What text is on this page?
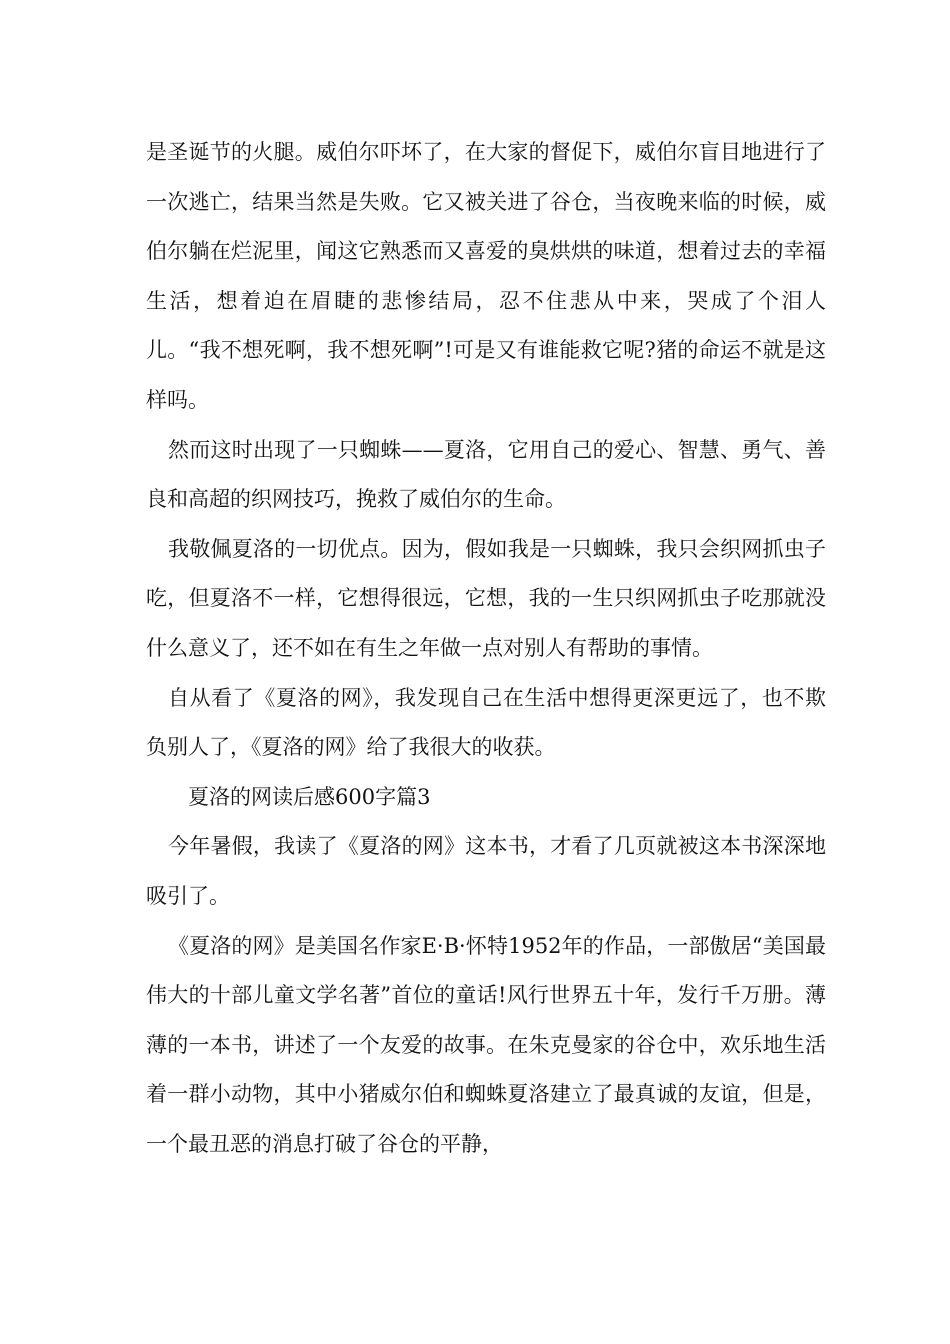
是圣诞节的火腿。威伯尔吓坏了，在大家的督促下，威伯尔盲目地进行了一次逃亡，结果当然是失败。它又被关进了谷仓，当夜晚来临的时候，威伯尔躺在烂泥里，闻这它熟悉而又喜爱的臭烘烘的味道，想着过去的幸福生活，想着迫在眉睫的悲惨结局，忍不住悲从中来，哭成了个泪人儿。“我不想死啊，我不想死啊”!可是又有谁能救它呢?猪的命运不就是这样吗。

然而这时出现了一只蜘蛛——夏洛，它用自己的爱心、智慧、勇气、善良和高超的织网技巧，挽救了威伯尔的生命。

我敬佩夏洛的一切优点。因为，假如我是一只蜘蛛，我只会织网抓虫子吃，但夏洛不一样，它想得很远，它想，我的一生只织网抓虫子吃那就没什么意义了，还不如在有生之年做一点对别人有帮助的事情。

自从看了《夏洛的网》，我发现自己在生活中想得更深更远了，也不欺负别人了，《夏洛的网》给了我很大的收获。

夏洛的网读后感600字篇3

今年暑假，我读了《夏洛的网》这本书，才看了几页就被这本书深深地吸引了。

《夏洛的网》是美国名作家E·B·怀特1952年的作品，一部傲居“美国最伟大的十部儿童文学名著”首位的童话!风行世界五十年，发行千万册。薄薄的一本书，讲述了一个友爱的故事。在朱克曼家的谷仓中，欢乐地生活着一群小动物，其中小猪威尔伯和蜘蛛夏洛建立了最真诚的友谊，但是，一个最丑恶的消息打破了谷仓的平静，
